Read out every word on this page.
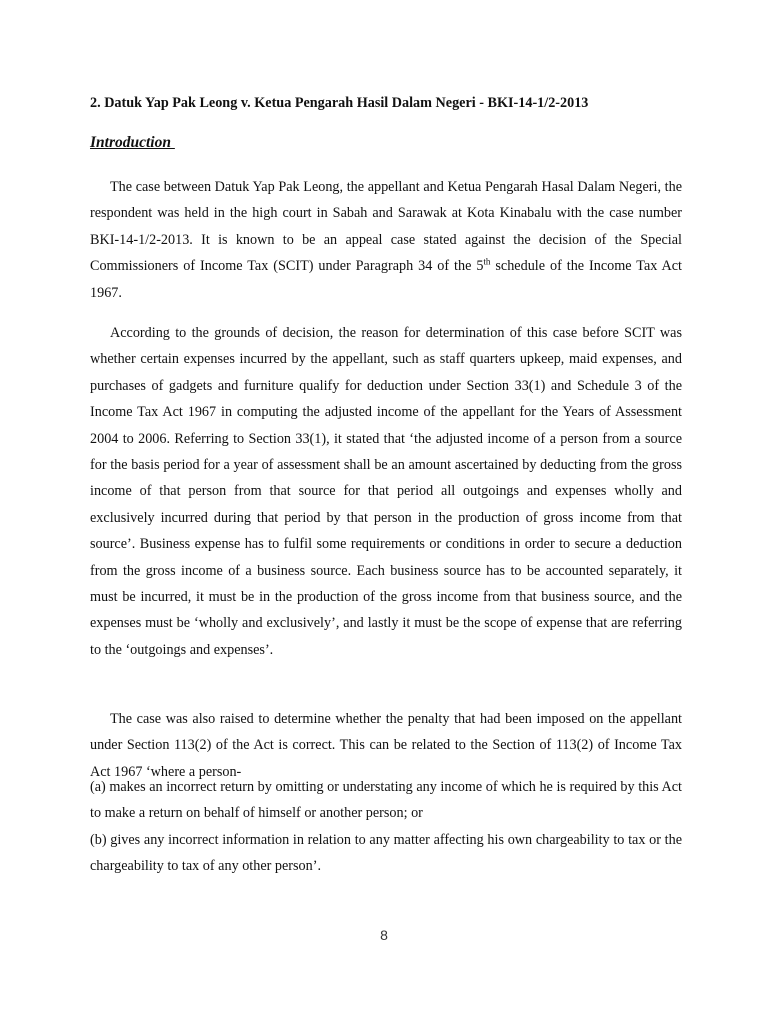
2. Datuk Yap Pak Leong v. Ketua Pengarah Hasil Dalam Negeri - BKI-14-1/2-2013
Introduction

The case between Datuk Yap Pak Leong, the appellant and Ketua Pengarah Hasal Dalam Negeri, the respondent was held in the high court in Sabah and Sarawak at Kota Kinabalu with the case number BKI-14-1/2-2013. It is known to be an appeal case stated against the decision of the Special Commissioners of Income Tax (SCIT) under Paragraph 34 of the 5th schedule of the Income Tax Act 1967.

According to the grounds of decision, the reason for determination of this case before SCIT was whether certain expenses incurred by the appellant, such as staff quarters upkeep, maid expenses, and purchases of gadgets and furniture qualify for deduction under Section 33(1) and Schedule 3 of the Income Tax Act 1967 in computing the adjusted income of the appellant for the Years of Assessment 2004 to 2006. Referring to Section 33(1), it stated that ‘the adjusted income of a person from a source for the basis period for a year of assessment shall be an amount ascertained by deducting from the gross income of that person from that source for that period all outgoings and expenses wholly and exclusively incurred during that period by that person in the production of gross income from that source’. Business expense has to fulfil some requirements or conditions in order to secure a deduction from the gross income of a business source. Each business source has to be accounted separately, it must be incurred, it must be in the production of the gross income from that business source, and the expenses must be ‘wholly and exclusively’, and lastly it must be the scope of expense that are referring to the ‘outgoings and expenses’.

The case was also raised to determine whether the penalty that had been imposed on the appellant under Section 113(2) of the Act is correct. This can be related to the Section of 113(2) of Income Tax Act 1967 ‘where a person-

(a) makes an incorrect return by omitting or understating any income of which he is required by this Act to make a return on behalf of himself or another person; or
(b) gives any incorrect information in relation to any matter affecting his own chargeability to tax or the chargeability to tax of any other person’.
8
